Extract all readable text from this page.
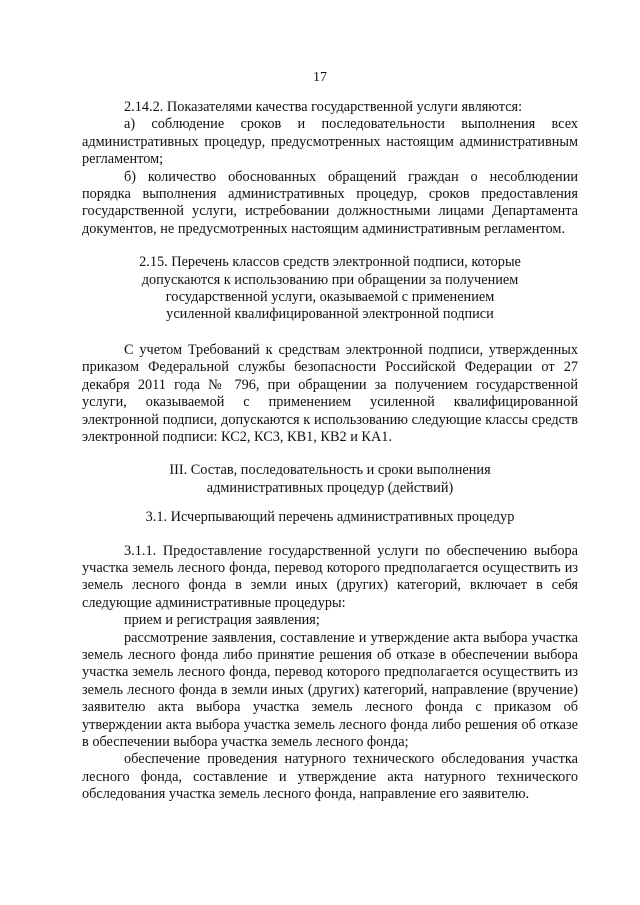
17

2.14.2. Показателями качества государственной услуги являются:

а) соблюдение сроков и последовательности выполнения всех административных процедур, предусмотренных настоящим административным регламентом;

б) количество обоснованных обращений граждан о несоблюдении порядка выполнения административных процедур, сроков предоставления государственной услуги, истребовании должностными лицами Департамента документов, не предусмотренных настоящим административным регламентом.

2.15. Перечень классов средств электронной подписи, которые
допускаются к использованию при обращении за получением
государственной услуги, оказываемой с применением
усиленной квалифицированной электронной подписи

С учетом Требований к средствам электронной подписи, утвержденных приказом Федеральной службы безопасности Российской Федерации от 27 декабря 2011 года № 796, при обращении за получением государственной услуги, оказываемой с применением усиленной квалифицированной электронной подписи, допускаются к использованию следующие классы средств электронной подписи: КС2, КС3, КВ1, КВ2 и КА1.

III. Состав, последовательность и сроки выполнения
административных процедур (действий)
3.1. Исчерпывающий перечень административных процедур

3.1.1. Предоставление государственной услуги по обеспечению выбора участка земель лесного фонда, перевод которого предполагается осуществить из земель лесного фонда в земли иных (других) категорий, включает в себя следующие административные процедуры:

прием и регистрация заявления;

рассмотрение заявления, составление и утверждение акта выбора участка земель лесного фонда либо принятие решения об отказе в обеспечении выбора участка земель лесного фонда, перевод которого предполагается осуществить из земель лесного фонда в земли иных (других) категорий, направление (вручение) заявителю акта выбора участка земель лесного фонда с приказом об утверждении акта выбора участка земель лесного фонда либо решения об отказе в обеспечении выбора участка земель лесного фонда;

обеспечение проведения натурного технического обследования участка лесного фонда, составление и утверждение акта натурного технического обследования участка земель лесного фонда, направление его заявителю.
